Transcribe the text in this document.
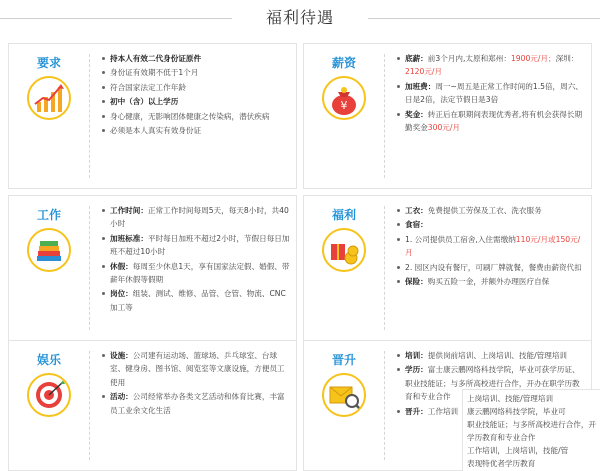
福利待遇
要求	持本人有效二代身份证原件
身份证有效期不低于1个月
符合国家法定工作年龄
初中（含）以上学历
身心健康，无影响团体健康之传染病，潜伏疾病
必须是本人真实有效身份证
薪资
¥
底薪：前3个月内,太原和郑州：1900元/月；深圳：2120元/月
加班费：周一~周五是正常工作时间的1.5倍，周六、日是2倍，法定节假日是3倍
奖金：转正后在职期间表现优秀者,将有机会获得长期勤奖金300元/月
工作	工作时间：正常工作时间每周5天，每天8小时，共40小时
加班标准：平时每日加班不超过2小时，节假日每日加班不超过10小时
休假：每周至少休息1天，享有国家法定假、婚假、带薪年休假等假期
岗位：组装、测试、维修、品管、仓管、物流、CNC加工等
福利	工衣：免费提供工劳保及工衣、洗衣服务
食宿：
1. 公司提供员工宿舍,入住需缴纳110元/月或150元/月
2. 园区内设有餐厅，可刷厂牌就餐，餐费由薪资代扣
保险：购买五险一金，并额外办理医疗自保
娱乐	设施：公司建有运动场、篮球场、乒乓球室、台球室、健身房、图书馆、阅览室等文康设施，方便员工使用
活动：公司经常举办各类文艺活动和体育比赛，丰富员工业余文化生活
晋升	培训：提供岗前培训、上岗培训、技能/管理培训
学历：富士康云鹏网络科技学院，毕业可获学历证、职业技能证；与多所高校进行合作，开办在职学历教育和专业合作
晋升：工作培训

上岗培训、技能/管理培训

康云鹏网络科技学院，毕业可

职业技能证；与多所高校进行合作，开

学历教育和专业合作

工作培训，上岗培训，技能/管

表现特优者学历教育
